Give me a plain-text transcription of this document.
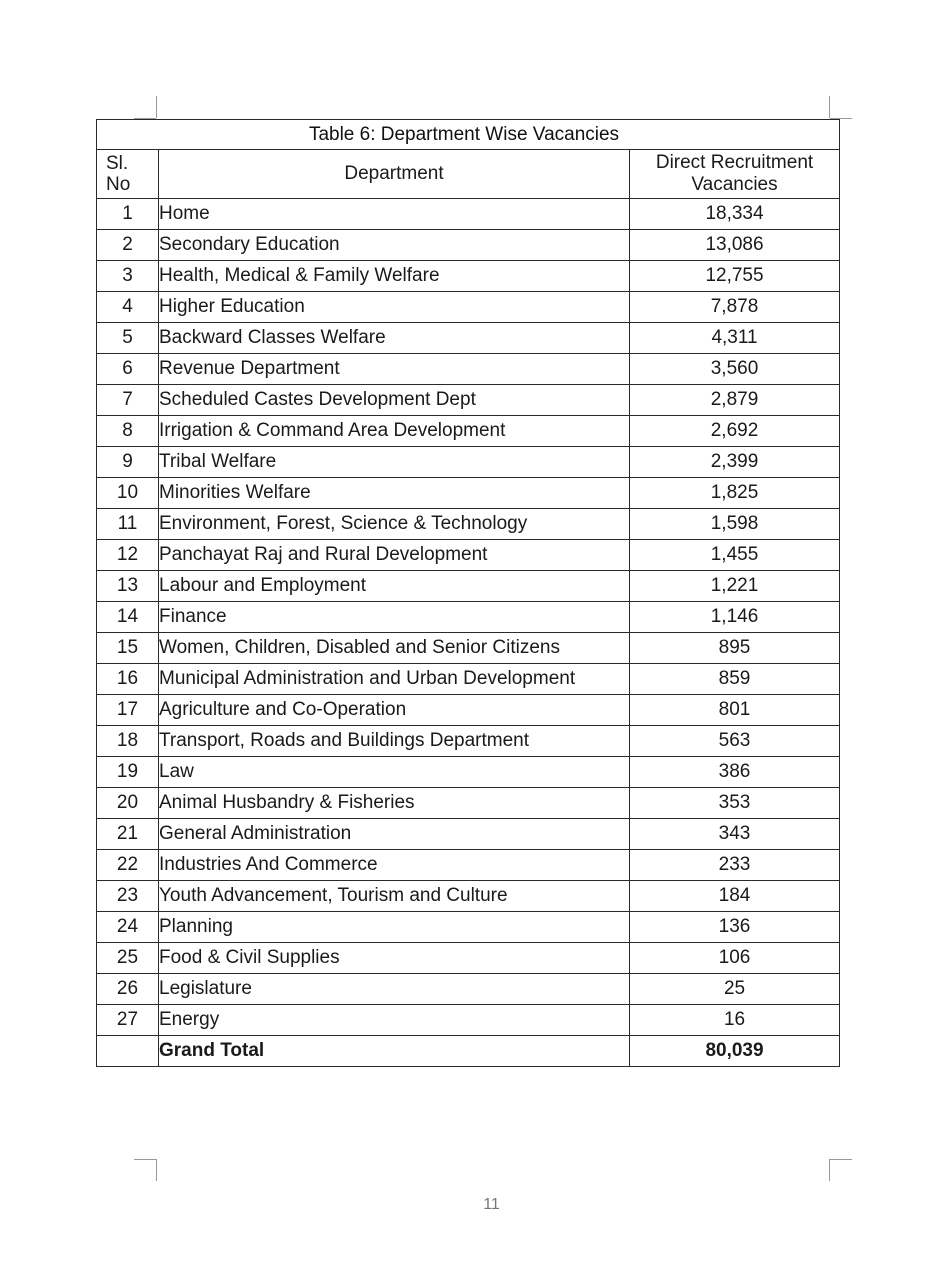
Table 6: Department Wise Vacancies		
Sl.
No	Department	Direct Recruitment
Vacancies
1	Home	18,334
2	Secondary Education	13,086
3	Health, Medical & Family Welfare	12,755
4	Higher Education	7,878
5	Backward Classes Welfare	4,311
6	Revenue Department	3,560
7	Scheduled Castes Development Dept	2,879
8	Irrigation & Command Area Development	2,692
9	Tribal Welfare	2,399
10	Minorities Welfare	1,825
11	Environment, Forest, Science & Technology	1,598
12	Panchayat Raj and Rural Development	1,455
13	Labour and Employment	1,221
14	Finance	1,146
15	Women, Children, Disabled and Senior Citizens	895
16	Municipal Administration and Urban Development	859
17	Agriculture and Co-Operation	801
18	Transport, Roads and Buildings Department	563
19	Law	386
20	Animal Husbandry & Fisheries	353
21	General Administration	343
22	Industries And Commerce	233
23	Youth Advancement, Tourism and Culture	184
24	Planning	136
25	Food & Civil Supplies	106
26	Legislature	25
27	Energy	16
	Grand Total	80,039
11
